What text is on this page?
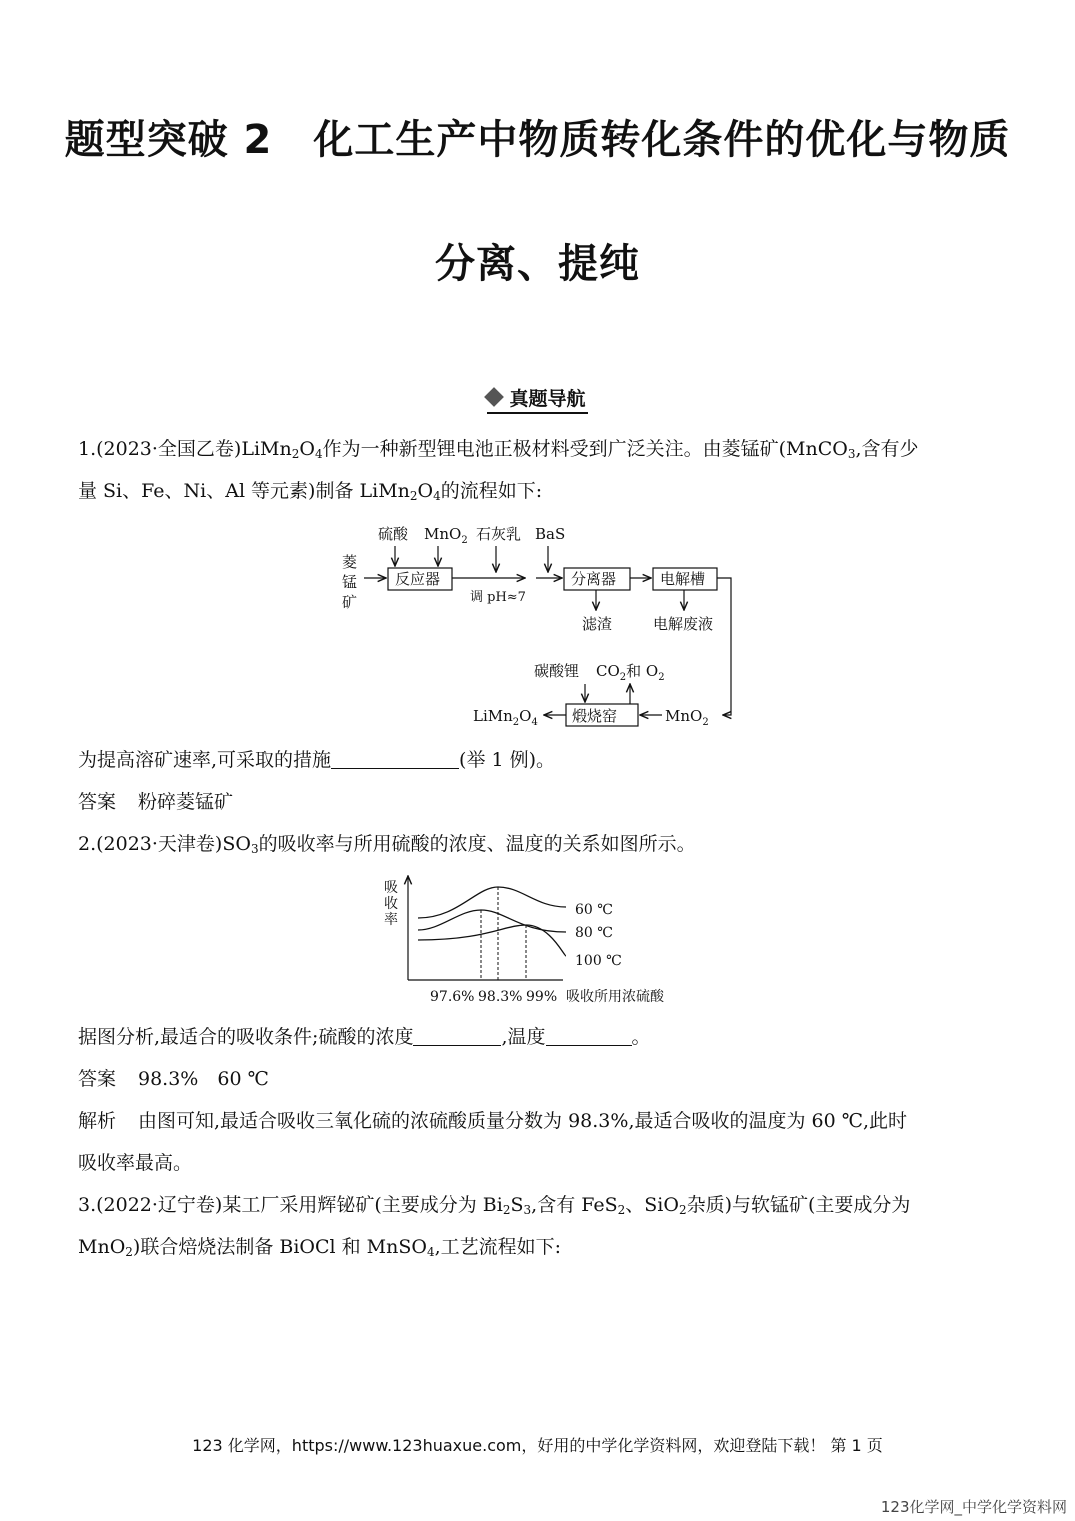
题型突破 2　化工生产中物质转化条件的优化与物质
分离、提纯
真题导航
1.(2023·全国乙卷)$LiMn_2O_4$作为一种新型锂电池正极材料受到广泛关注。由菱锰矿(MnCO$_3$,含有少
量 Si、Fe、Ni、Al 等元素)制备 $LiMn_2O_4$的流程如下:
菱
锰
矿
硫酸 MnO$_2$ 石灰乳 BaS
反应器
调 pH≈7
分离器	电解槽
滤渣	电解废液
碳酸锂 $CO_2$和 $O_2$
煅烧窑
$LiMn_2O_4$	MnO$_2$
为提高溶矿速率,可采取的措施	(举 1 例)。
答案 粉碎菱锰矿
2.(2023·天津卷)$SO_3$的吸收率与所用硫酸的浓度、温度的关系如图所示。
60 ℃
80 ℃
100 ℃
吸收率
97.6% 98.3% 99% 吸收所用浓硫酸
据图分析,最适合的吸收条件;硫酸的浓度	,温度	。
答案 98.3%　60 ℃
解析 由图可知,最适合吸收三氧化硫的浓硫酸质量分数为 98.3%,最适合吸收的温度为 60 ℃,此时
吸收率最高。
3.(2022·辽宁卷)某工厂采用辉铋矿(主要成分为 $Bi_2S_3$,含有 FeS$_2$、SiO$_2$杂质)与软锰矿(主要成分为
MnO$_2$)联合焙烧法制备 BiOCl 和 MnSO$_4$,工艺流程如下:
123 化学网，https://www.123huaxue.com，好用的中学化学资料网，欢迎登陆下载！ 第 1 页
123化学网_中学化学资料网
